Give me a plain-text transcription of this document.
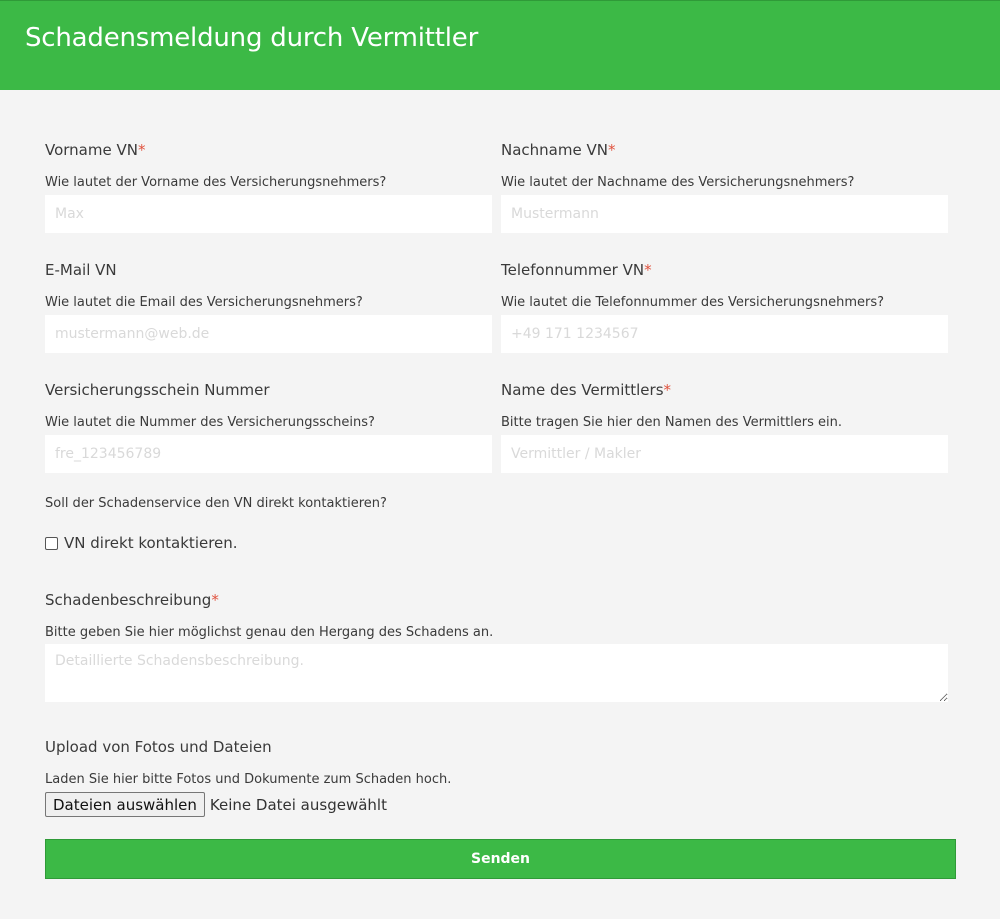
Schadensmeldung durch Vermittler
Vorname VN*
Wie lautet der Vorname des Versicherungsnehmers?
Max
Nachname VN*
Wie lautet der Nachname des Versicherungsnehmers?
Mustermann
E-Mail VN
Wie lautet die Email des Versicherungsnehmers?
mustermann@web.de
Telefonnummer VN*
Wie lautet die Telefonnummer des Versicherungsnehmers?
+49 171 1234567
Versicherungsschein Nummer
Wie lautet die Nummer des Versicherungsscheins?
fre_123456789
Name des Vermittlers*
Bitte tragen Sie hier den Namen des Vermittlers ein.
Vermittler / Makler
Soll der Schadenservice den VN direkt kontaktieren?
VN direkt kontaktieren.
Schadenbeschreibung*
Bitte geben Sie hier möglichst genau den Hergang des Schadens an.
Detaillierte Schadensbeschreibung.
Upload von Fotos und Dateien
Laden Sie hier bitte Fotos und Dokumente zum Schaden hoch.
Dateien auswählen Keine Datei ausgewählt
Senden
